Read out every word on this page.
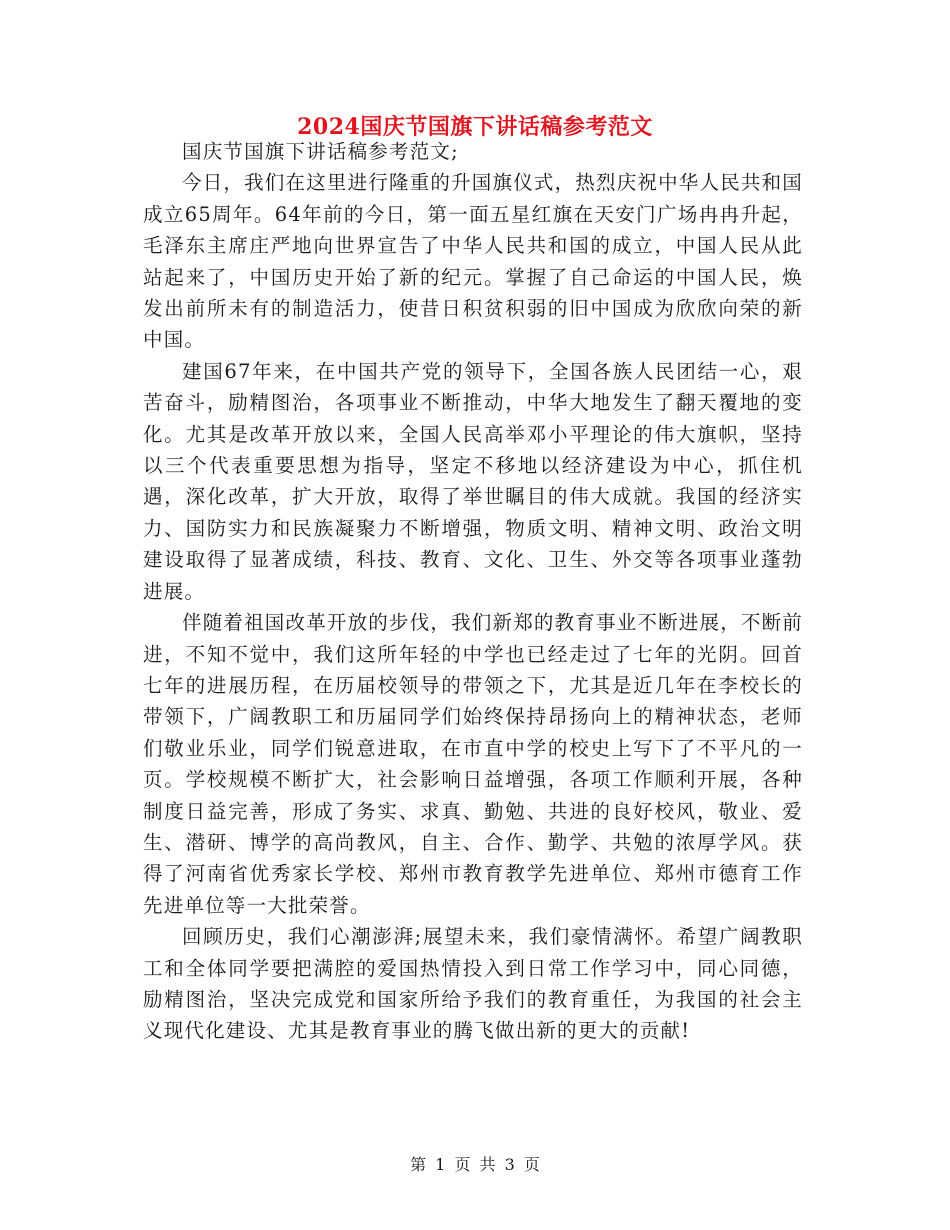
2024国庆节国旗下讲话稿参考范文

国庆节国旗下讲话稿参考范文;

今日，我们在这里进行隆重的升国旗仪式，热烈庆祝中华人民共和国成立65周年。64年前的今日，第一面五星红旗在天安门广场冉冉升起，毛泽东主席庄严地向世界宣告了中华人民共和国的成立，中国人民从此站起来了，中国历史开始了新的纪元。掌握了自己命运的中国人民，焕发出前所未有的制造活力，使昔日积贫积弱的旧中国成为欣欣向荣的新中国。

建国67年来，在中国共产党的领导下，全国各族人民团结一心，艰苦奋斗，励精图治，各项事业不断推动，中华大地发生了翻天覆地的变化。尤其是改革开放以来，全国人民高举邓小平理论的伟大旗帜，坚持以三个代表重要思想为指导，坚定不移地以经济建设为中心，抓住机遇，深化改革，扩大开放，取得了举世瞩目的伟大成就。我国的经济实力、国防实力和民族凝聚力不断增强，物质文明、精神文明、政治文明建设取得了显著成绩，科技、教育、文化、卫生、外交等各项事业蓬勃进展。

伴随着祖国改革开放的步伐，我们新郑的教育事业不断进展，不断前进，不知不觉中，我们这所年轻的中学也已经走过了七年的光阴。回首七年的进展历程，在历届校领导的带领之下，尤其是近几年在李校长的带领下，广阔教职工和历届同学们始终保持昂扬向上的精神状态，老师们敬业乐业，同学们锐意进取，在市直中学的校史上写下了不平凡的一页。学校规模不断扩大，社会影响日益增强，各项工作顺利开展，各种制度日益完善，形成了务实、求真、勤勉、共进的良好校风，敬业、爱生、潜研、博学的高尚教风，自主、合作、勤学、共勉的浓厚学风。获得了河南省优秀家长学校、郑州市教育教学先进单位、郑州市德育工作先进单位等一大批荣誉。

回顾历史，我们心潮澎湃;展望未来，我们豪情满怀。希望广阔教职工和全体同学要把满腔的爱国热情投入到日常工作学习中，同心同德，励精图治，坚决完成党和国家所给予我们的教育重任，为我国的社会主义现代化建设、尤其是教育事业的腾飞做出新的更大的贡献!

第 1 页 共 3 页
